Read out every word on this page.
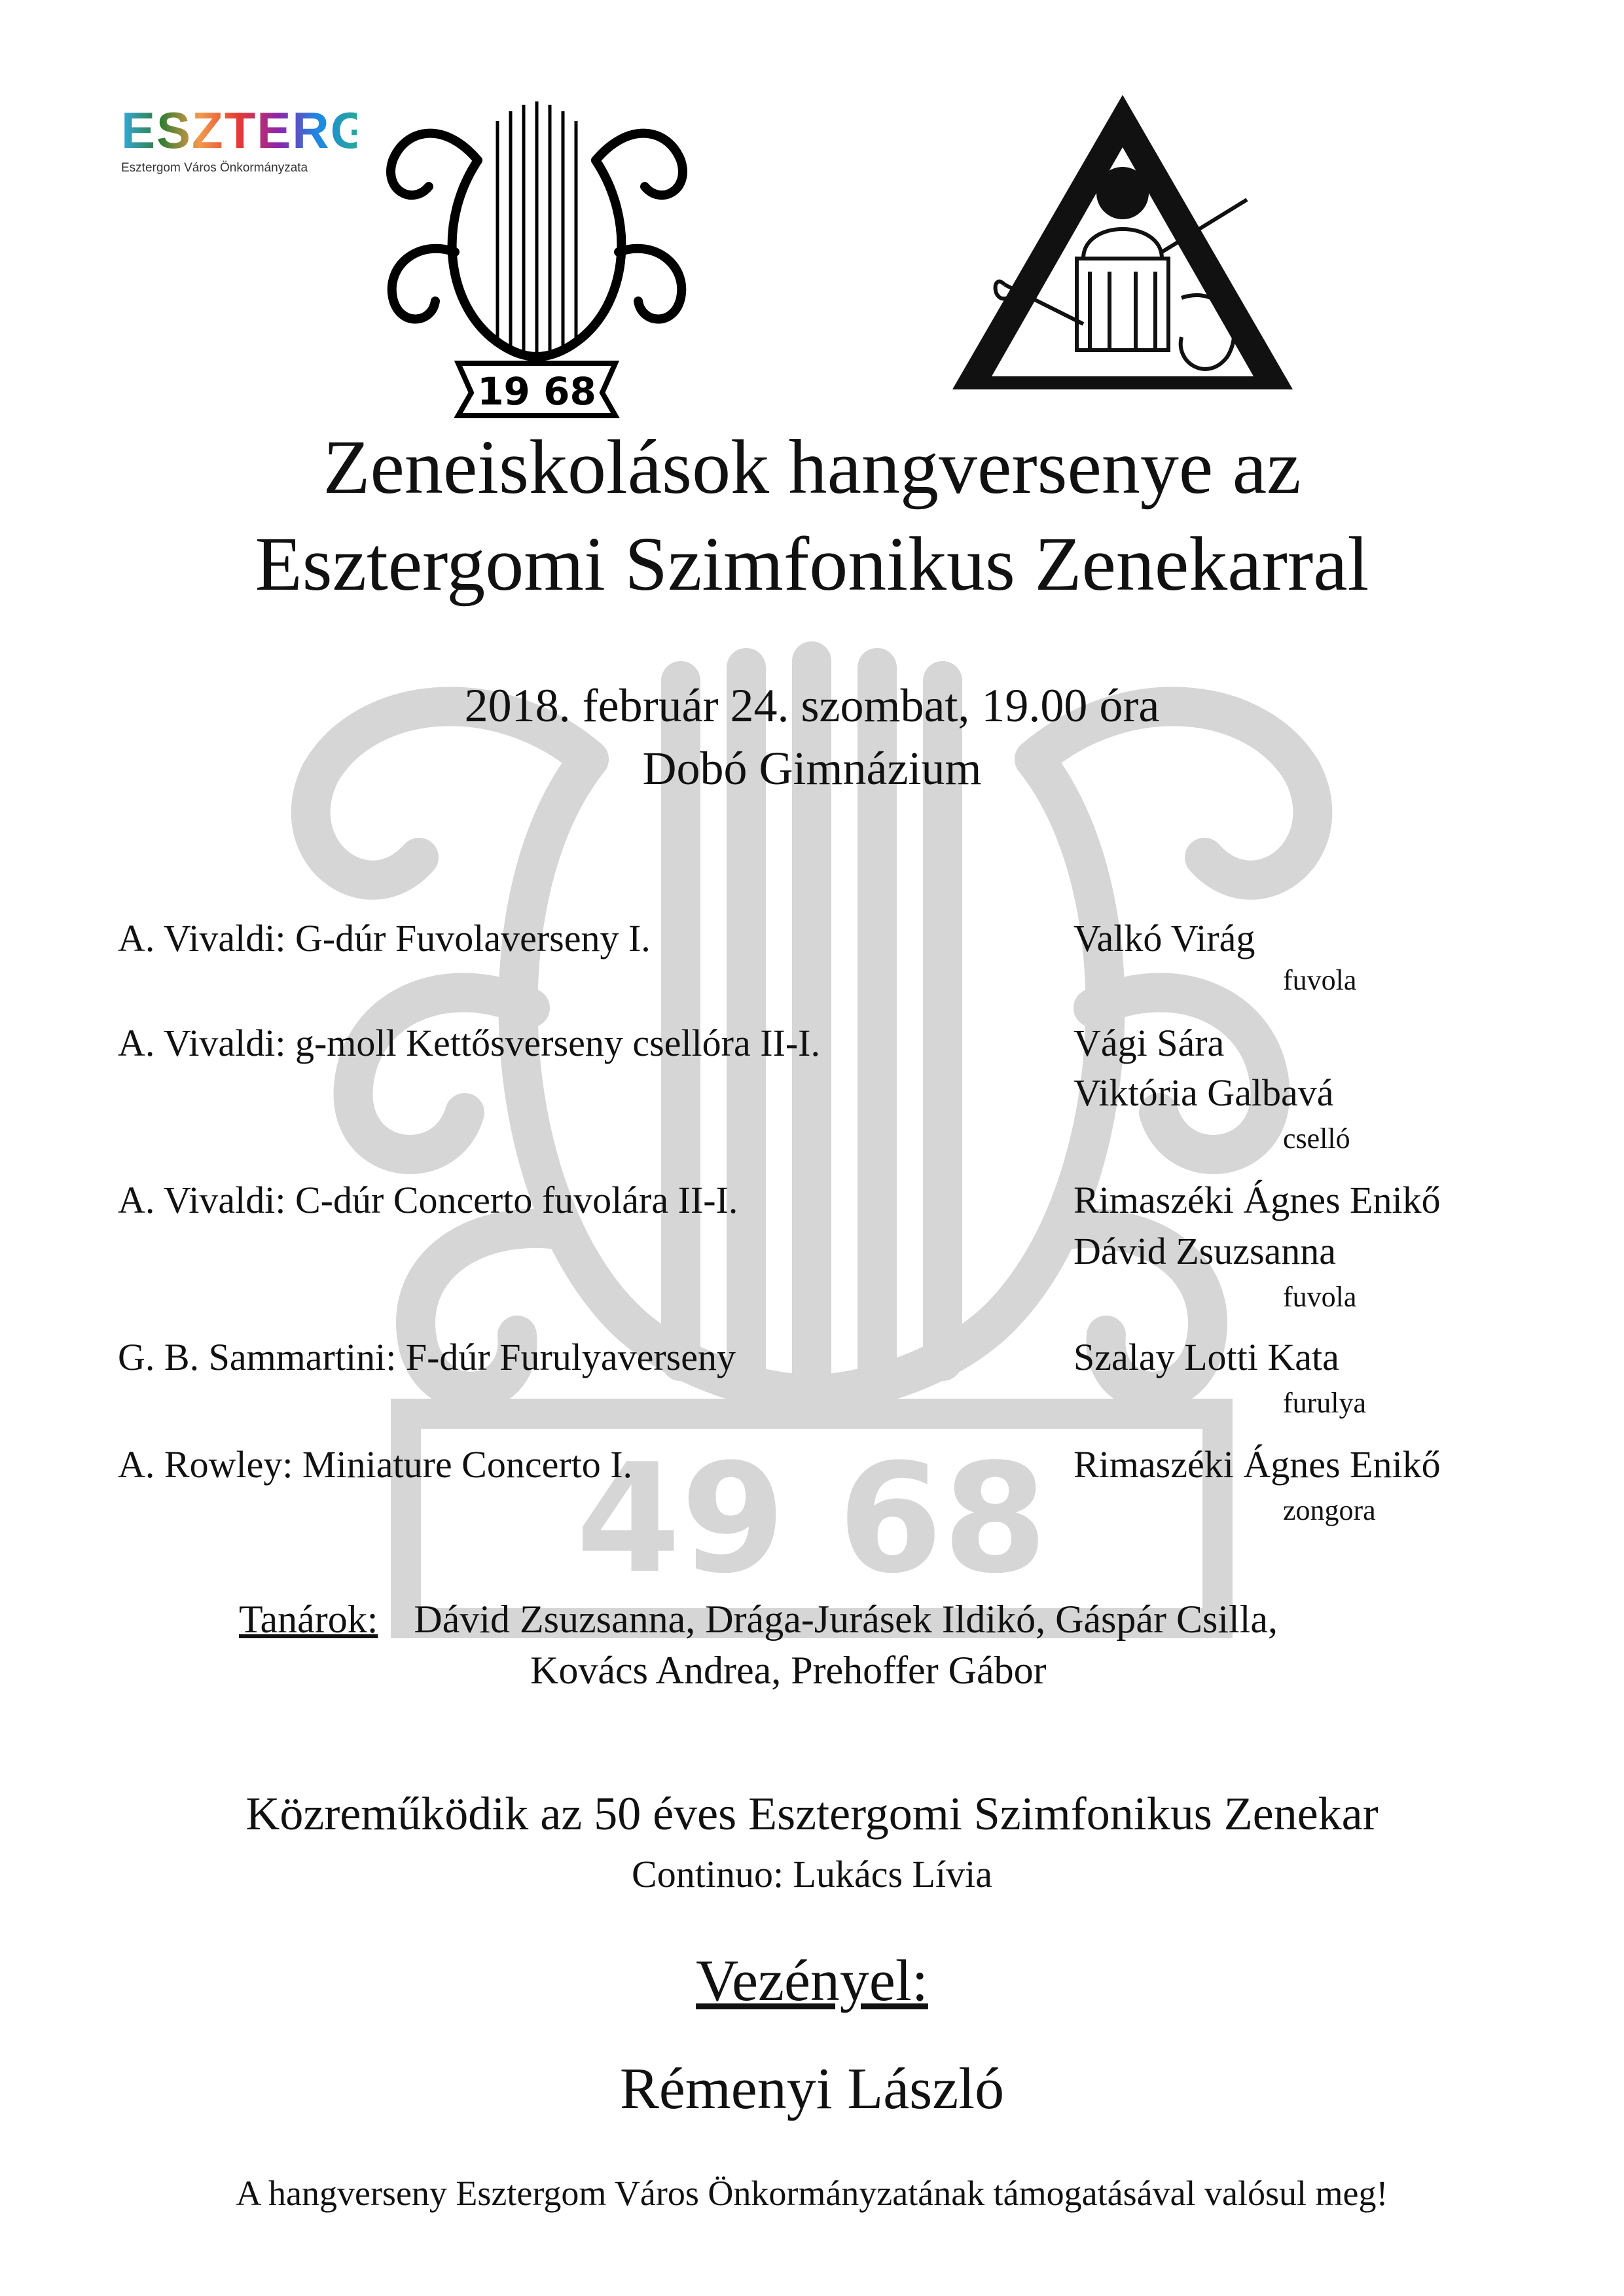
49 68
ESZTERGOM
Esztergom Város Önkormányzata
19 68
Zeneiskolások hangversenye az
Esztergomi Szimfonikus Zenekarral
2018. február 24. szombat, 19.00 óra
Dobó Gimnázium
A. Vivaldi: G-dúr Fuvolaverseny I.	Valkó Virág
fuvola
A. Vivaldi: g-moll Kettősverseny csellóra II-I.	Vági Sára
Viktória Galbavá
cselló
A. Vivaldi: C-dúr Concerto fuvolára II-I.	Rimaszéki Ágnes Enikő
Dávid Zsuzsanna
fuvola
G. B. Sammartini: F-dúr Furulyaverseny	Szalay Lotti Kata
furulya
A. Rowley: Miniature Concerto I.	Rimaszéki Ágnes Enikő
zongora
Tanárok: Dávid Zsuzsanna, Drága-Jurásek Ildikó, Gáspár Csilla,
Kovács Andrea, Prehoffer Gábor
Közreműködik az 50 éves Esztergomi Szimfonikus Zenekar
Continuo: Lukács Lívia
Vezényel:
Rémenyi László
A hangverseny Esztergom Város Önkormányzatának támogatásával valósul meg!
